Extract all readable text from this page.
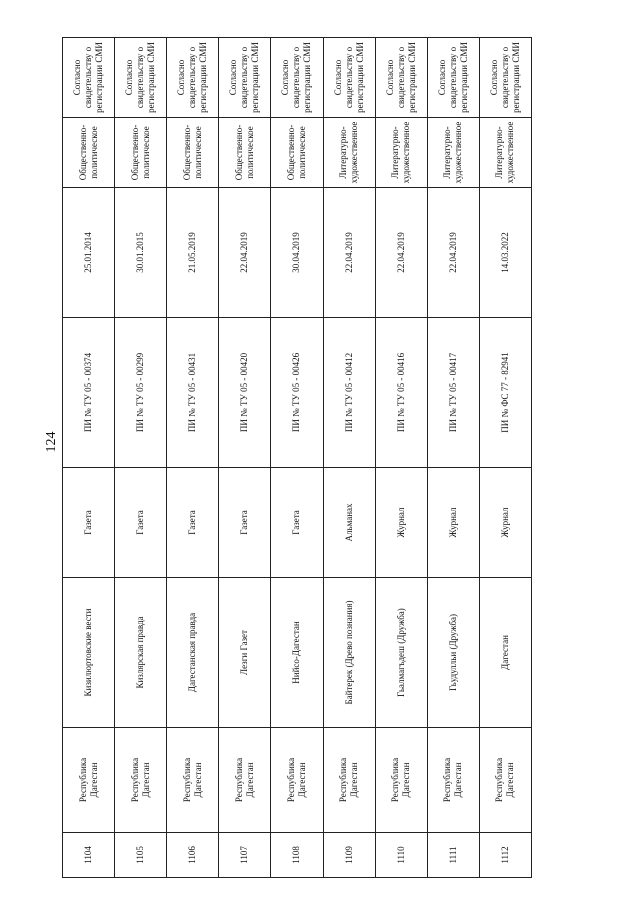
124
1104	Республика
Дагестан	Кизилюртовские вести	Газета	ПИ № ТУ 05 - 00374	25.01.2014	Общественно-
политическое	Согласно
свидетельству о
регистрации СМИ
1105	Республика
Дагестан	Кизлярская правда	Газета	ПИ № ТУ 05 - 00299	30.01.2015	Общественно-
политическое	Согласно
свидетельству о
регистрации СМИ
1106	Республика
Дагестан	Дагестанская правда	Газета	ПИ № ТУ 05 - 00431	21.05.2019	Общественно-
политическое	Согласно
свидетельству о
регистрации СМИ
1107	Республика
Дагестан	Лезги Газет	Газета	ПИ № ТУ 05 - 00420	22.04.2019	Общественно-
политическое	Согласно
свидетельству о
регистрации СМИ
1108	Республика
Дагестан	Нийсо-Дагестан	Газета	ПИ № ТУ 05 - 00426	30.04.2019	Общественно-
политическое	Согласно
свидетельству о
регистрации СМИ
1109	Республика
Дагестан	Байтерек (Древо познания)	Альманах	ПИ № ТУ 05 - 00412	22.04.2019	Литературно-
художественное	Согласно
свидетельству о
регистрации СМИ
1110	Республика
Дагестан	Гьалмагъдеш (Дружба)	Журнал	ПИ № ТУ 05 - 00416	22.04.2019	Литературно-
художественное	Согласно
свидетельству о
регистрации СМИ
1111	Республика
Дагестан	Гьудулльи (Дружба)	Журнал	ПИ № ТУ 05 - 00417	22.04.2019	Литературно-
художественное	Согласно
свидетельству о
регистрации СМИ
1112	Республика
Дагестан	Дагестан	Журнал	ПИ № ФС 77 - 82941	14.03.2022	Литературно-
художественное	Согласно
свидетельству о
регистрации СМИ
